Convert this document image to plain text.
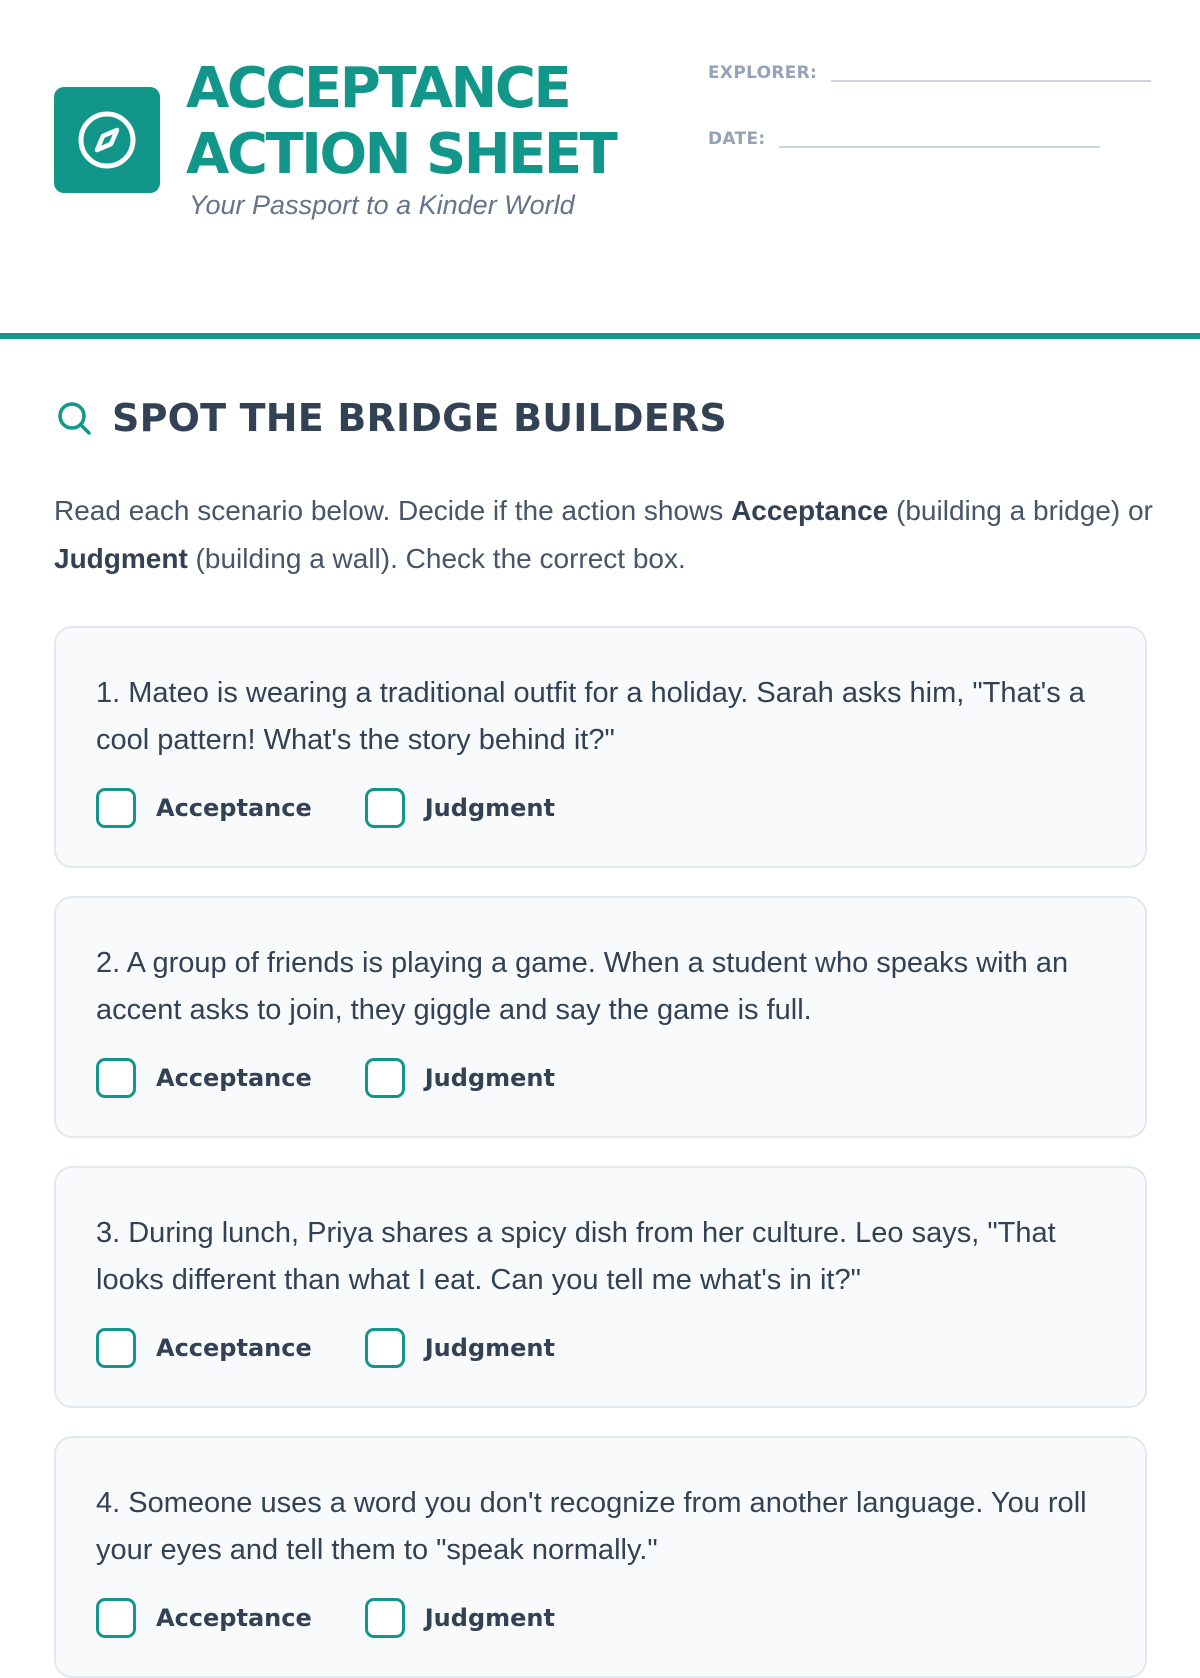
ACCEPTANCE
ACTION SHEET
Your Passport to a Kinder World
EXPLORER:
DATE:
SPOT THE BRIDGE BUILDERS

Read each scenario below. Decide if the action shows Acceptance (building a bridge) or Judgment (building a wall). Check the correct box.

1. Mateo is wearing a traditional outfit for a holiday. Sarah asks him, "That's a cool pattern! What's the story behind it?"

Acceptance	Judgment

2. A group of friends is playing a game. When a student who speaks with an accent asks to join, they giggle and say the game is full.

Acceptance	Judgment

3. During lunch, Priya shares a spicy dish from her culture. Leo says, "That looks different than what I eat. Can you tell me what's in it?"

Acceptance	Judgment

4. Someone uses a word you don't recognize from another language. You roll your eyes and tell them to "speak normally."

Acceptance	Judgment
